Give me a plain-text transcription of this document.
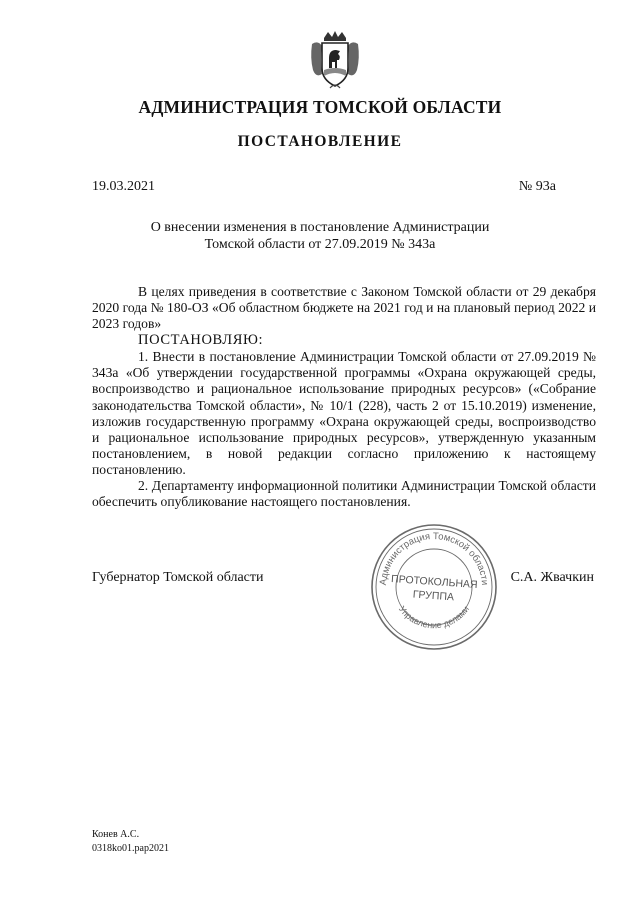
АДМИНИСТРАЦИЯ ТОМСКОЙ ОБЛАСТИ
ПОСТАНОВЛЕНИЕ
19.03.2021	№ 93а
О внесении изменения в постановление Администрации
Томской области от 27.09.2019 № 343а

В целях приведения в соответствие с Законом Томской области от 29 декабря 2020 года № 180-ОЗ «Об областном бюджете на 2021 год и на плановый период 2022 и 2023 годов»

ПОСТАНОВЛЯЮ:

1. Внести в постановление Администрации Томской области от 27.09.2019 № 343а «Об утверждении государственной программы «Охрана окружающей среды, воспроизводство и рациональное использование природных ресурсов» («Собрание законодательства Томской области», № 10/1 (228), часть 2 от 15.10.2019) изменение, изложив государственную программу «Охрана окружающей среды, воспроизводство и рациональное использование природных ресурсов», утвержденную указанным постановлением, в новой редакции согласно приложению к настоящему постановлению.

2. Департаменту информационной политики Администрации Томской области обеспечить опубликование настоящего постановления.

Губернатор Томской области	Администрация Томской области
Управление делами
ПРОТОКОЛЬНАЯ
ГРУППА
С.А. Жвачкин
Конев А.С.
0318ko01.pap2021
